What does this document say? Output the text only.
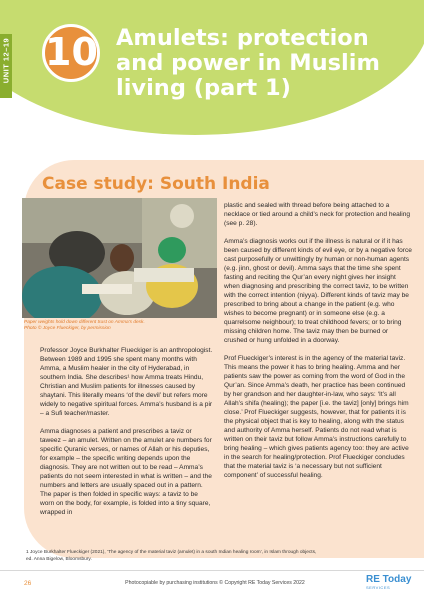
UNIT 12–19 10 Amulets: protection
and power in Muslim
living (part 1)
Case study: South India
Paper weights hold down different trust on Amma’s desk.
Photo © Joyce Flueckiger, by permission

Professor Joyce Burkhalter Flueckiger is an anthropologist. Between 1989 and 1995 she spent many months with Amma, a Muslim healer in the city of Hyderabad, in southern India. She describes¹ how Amma treats Hindu, Christian and Muslim patients for illnesses caused by shaytani. This literally means ‘of the devil’ but refers more widely to negative spiritual forces. Amma’s husband is a pir – a Sufi teacher/master.

Amma diagnoses a patient and prescribes a taviz or taweez – an amulet. Written on the amulet are numbers for specific Quranic verses, or names of Allah or his deputies, for example – the specific writing depends upon the diagnosis. They are not written out to be read – Amma’s patients do not seem interested in what is written – and the numbers and letters are usually spaced out in a pattern. The paper is then folded in specific ways: a taviz to be worn on the body, for example, is folded into a tiny square, wrapped in

plastic and sealed with thread before being attached to a necklace or tied around a child’s neck for protection and healing (see p. 28).

Amma’s diagnosis works out if the illness is natural or if it has been caused by different kinds of evil eye, or by a negative force cast purposefully or unwittingly by human or non-human agents (e.g. jinn, ghost or devil). Amma says that the time she spent fasting and reciting the Qur’an every night gives her insight when diagnosing and prescribing the correct taviz, to be written with the correct intention (niyya). Different kinds of taviz may be prescribed to bring about a change in the patient (e.g. who wishes to become pregnant) or in someone else (e.g. a quarrelsome neighbour); to treat childhood fevers; or to bring missing children home. The taviz may then be burned or crushed or hung unfolded in a doorway.

Prof Flueckiger’s interest is in the agency of the material taviz. This means the power it has to bring healing. Amma and her patients saw the power as coming from the word of God in the Qur’an. Since Amma’s death, her practice has been continued by her grandson and her daughter-in-law, who says: ‘It’s all Allah’s shifa (healing); the paper [i.e. the taviz] [only] brings him close.’ Prof Flueckiger suggests, however, that for patients it is the physical object that is key to healing, along with the status and authority of Amma herself. Patients do not read what is written on their taviz but follow Amma’s instructions carefully to bring healing – which gives patients agency too: they are active in the search for healing/protection. Prof Flueckiger concludes that the material taviz is ‘a necessary but not sufficient component’ of successful healing.

1 Joyce Burkhalter Flueckiger (2021), ‘The agency of the material taviz (amulet) in a south Indian healing room’, in Islam through objects,
ed. Anna Bigelow, Bloomsbury.
26	Photocopiable by purchasing institutions © Copyright RE Today Services 2022	RE Today
SERVICES
